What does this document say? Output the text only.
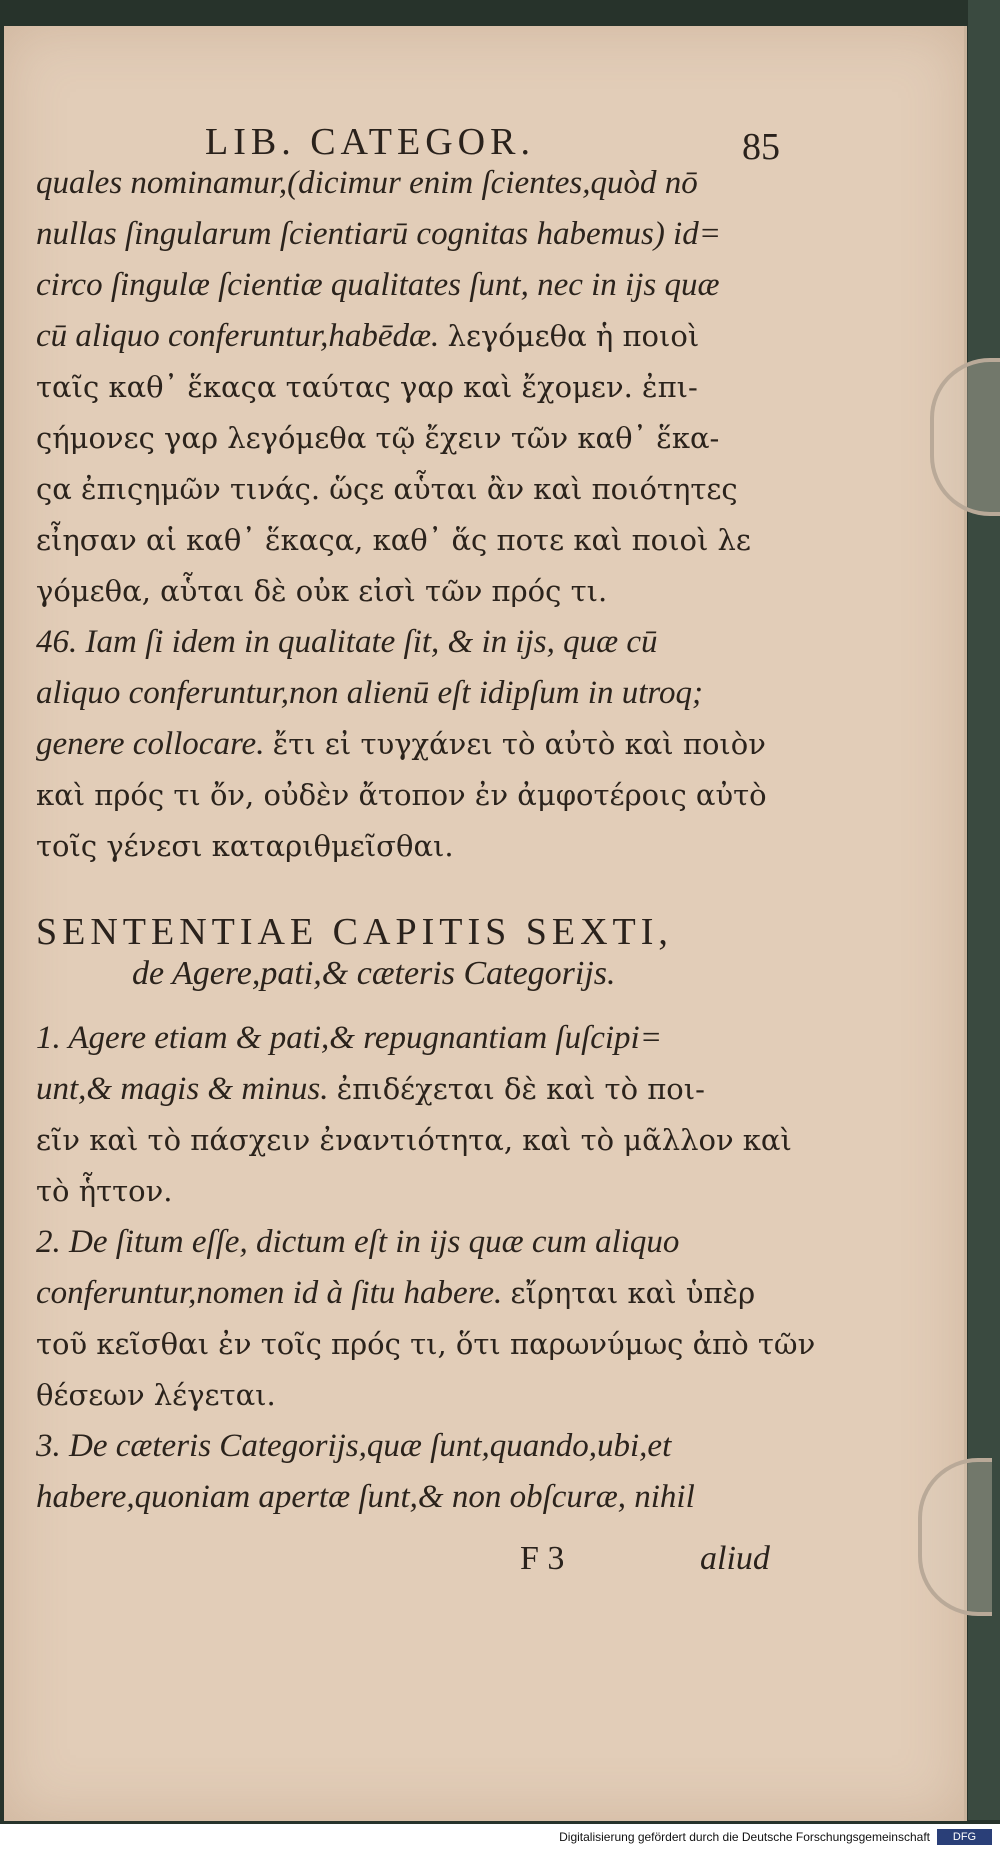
LIB. CATEGOR.	85
quales nominamur,(dicimur enim ſcientes,quòd nō
nullas ſingularum ſcientiarū cognitas habemus) id=
circo ſingulæ ſcientiæ qualitates ſunt, nec in ijs quæ
cū aliquo conferuntur,habēdæ. λεγόμεθα ἡ ποιοὶ
ταῖς καθ᾽ ἕκαςα ταύτας γαρ καὶ ἔχομεν. ἐπι-
ςήμονες γαρ λεγόμεθα τῷ ἔχειν τῶν καθ᾽ ἕκα-
ςα ἐπιςημῶν τινάς. ὥςε αὗται ἂν καὶ ποιότητες
εἶησαν αἱ καθ᾽ ἕκαςα, καθ᾽ ἅς ποτε καὶ ποιοὶ λε
γόμεθα, αὗται δὲ οὐκ εἰσὶ τῶν πρός τι.
46. Iam ſi idem in qualitate ſit, & in ijs, quæ cū
aliquo conferuntur,non alienū eſt idipſum in utroq;
genere collocare. ἔτι εἰ τυγχάνει τὸ αὐτὸ καὶ ποιὸν
καὶ πρός τι ὄν, οὐδὲν ἄτοπον ἐν ἀμφοτέροις αὐτὸ
τοῖς γένεσι καταριθμεῖσθαι.
SENTENTIAE CAPITIS SEXTI,
de Agere,pati,& cæteris Categorijs.
1. Agere etiam & pati,& repugnantiam ſuſcipi=
unt,& magis & minus. ἐπιδέχεται δὲ καὶ τὸ ποι-
εῖν καὶ τὸ πάσχειν ἐναντιότητα, καὶ τὸ μᾶλλον καὶ
τὸ ἧττον.
2. De ſitum eſſe, dictum eſt in ijs quæ cum aliquo
conferuntur,nomen id à ſitu habere. εἴρηται καὶ ὑπὲρ
τοῦ κεῖσθαι ἐν τοῖς πρός τι, ὅτι παρωνύμως ἀπὸ τῶν
θέσεων λέγεται.
3. De cæteris Categorijs,quæ ſunt,quando,ubi,et
habere,quoniam apertæ ſunt,& non obſcuræ, nihil
F 3	aliud
Digitalisierung gefördert durch die Deutsche Forschungsgemeinschaft	DFG
